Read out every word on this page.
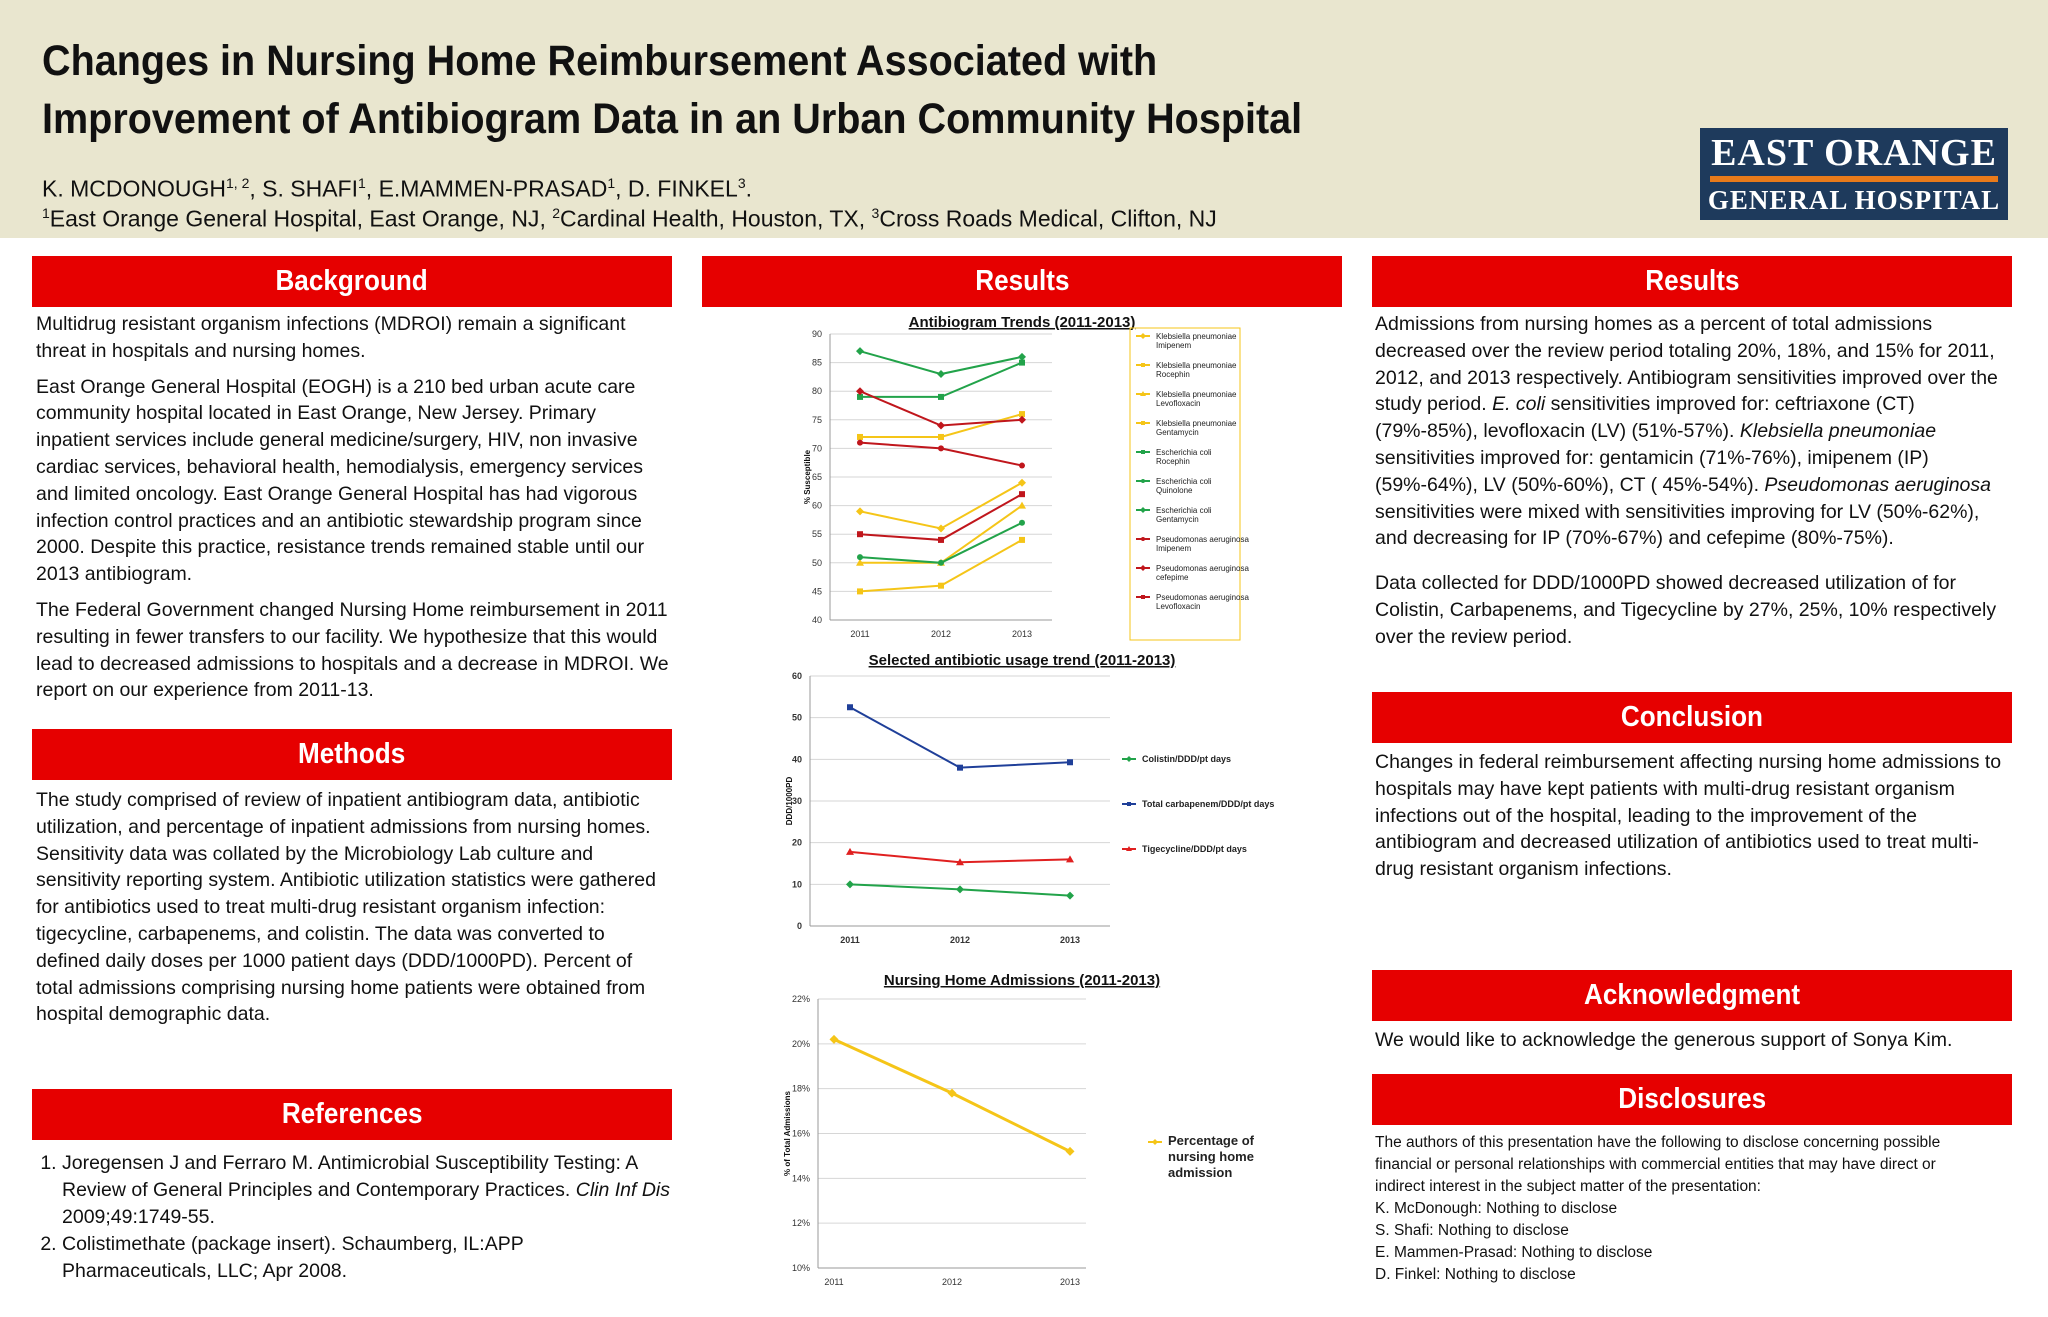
Changes in Nursing Home Reimbursement Associated with
Improvement of Antibiogram Data in an Urban Community Hospital
K. MCDONOUGH$^{1, 2}$, S. SHAFI$^1$, E.MAMMEN-PRASAD$^1$, D. FINKEL$^3$.
$^1$East Orange General Hospital, East Orange, NJ, $^2$Cardinal Health, Houston, TX, $^3$Cross Roads Medical, Clifton, NJ
EAST ORANGE
GENERAL HOSPITAL
Background

Multidrug resistant organism infections (MDROI) remain a significant threat in hospitals and nursing homes.

East Orange General Hospital (EOGH) is a 210 bed urban acute care community hospital located in East Orange, New Jersey. Primary inpatient services include general medicine/surgery, HIV, non invasive cardiac services, behavioral health, hemodialysis, emergency services and limited oncology. East Orange General Hospital has had vigorous infection control practices and an antibiotic stewardship program since 2000. Despite this practice, resistance trends remained stable until our 2013 antibiogram.

The Federal Government changed Nursing Home reimbursement in 2011 resulting in fewer transfers to our facility. We hypothesize that this would lead to decreased admissions to hospitals and a decrease in MDROI. We report on our experience from 2011-13.

Methods

The study comprised of review of inpatient antibiogram data, antibiotic utilization, and percentage of inpatient admissions from nursing homes. Sensitivity data was collated by the Microbiology Lab culture and sensitivity reporting system. Antibiotic utilization statistics were gathered for antibiotics used to treat multi-drug resistant organism infection: tigecycline, carbapenems, and colistin. The data was converted to defined daily doses per 1000 patient days (DDD/1000PD). Percent of total admissions comprising nursing home patients were obtained from hospital demographic data.

References
1. Joregensen J and Ferraro M. Antimicrobial Susceptibility Testing: A Review of General Principles and Contemporary Practices. Clin Inf Dis 2009;49:1749-55.
2. Colistimethate (package insert). Schaumberg, IL:APP Pharmaceuticals, LLC; Apr 2008.
Results
Antibiogram Trends (2011-2013)
40
45
50
55
60
65
70
75
80
85
90
% Susceptible
2011	2012	2013
Klebsiella pneumoniae
Imipenem
Klebsiella pneumoniae
Rocephin
Klebsiella pneumoniae
Levofloxacin
Klebsiella pneumoniae
Gentamycin
Escherichia coli
Rocephin
Escherichia coli
Quinolone
Escherichia coli
Gentamycin
Pseudomonas aeruginosa
Imipenem
Pseudomonas aeruginosa
cefepime
Pseudomonas aeruginosa
Levofloxacin
Selected antibiotic usage trend (2011-2013)
0
10
20
30
40
50
60
DDD/1000PD
2011	2012	2013
Colistin/DDD/pt days
Total carbapenem/DDD/pt days
Tigecycline/DDD/pt days
Nursing Home Admissions (2011-2013)
10%
12%
14%
16%
18%
20%
22%
% of Total Admissions
2011	2012	2013
Percentage of
nursing home
admission
Results

Admissions from nursing homes as a percent of total admissions decreased over the review period totaling 20%, 18%, and 15% for 2011, 2012, and 2013 respectively. Antibiogram sensitivities improved over the study period. E. coli sensitivities improved for: ceftriaxone (CT) (79%-85%), levofloxacin (LV) (51%-57%). Klebsiella pneumoniae sensitivities improved for: gentamicin (71%-76%), imipenem (IP) (59%-64%), LV (50%-60%), CT ( 45%-54%). Pseudomonas aeruginosa sensitivities were mixed with sensitivities improving for LV (50%-62%), and decreasing for IP (70%-67%) and cefepime (80%-75%).

Data collected for DDD/1000PD showed decreased utilization of for Colistin, Carbapenems, and Tigecycline by 27%, 25%, 10% respectively over the review period.

Conclusion

Changes in federal reimbursement affecting nursing home admissions to hospitals may have kept patients with multi-drug resistant organism infections out of the hospital, leading to the improvement of the antibiogram and decreased utilization of antibiotics used to treat multi-drug resistant organism infections.

Acknowledgment

We would like to acknowledge the generous support of Sonya Kim.

Disclosures
The authors of this presentation have the following to disclose concerning possible financial or personal relationships with commercial entities that may have direct or indirect interest in the subject matter of the presentation:
K. McDonough: Nothing to disclose
S. Shafi: Nothing to disclose
E. Mammen-Prasad: Nothing to disclose
D. Finkel: Nothing to disclose
